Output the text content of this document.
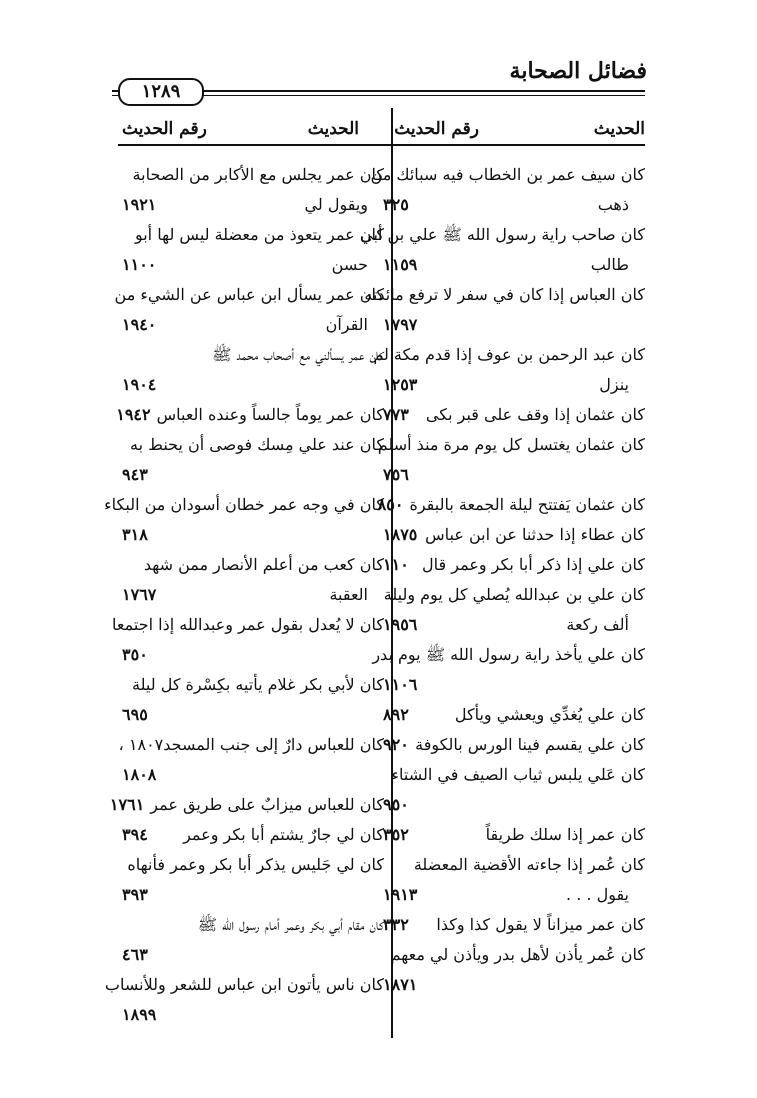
فضائل الصحابة
١٢٨٩
الحديث
رقم الحديث
الحديث
رقم الحديث
كان سيف عمر بن الخطاب فيه سبائك من
ذهب
٣٢٥
كان صاحب راية رسول الله ﷺ علي بن أبي
طالب
١١٥٩
كان العباس إذا كان في سفر لا ترفع مائدته
١٧٩٧
كان عبد الرحمن بن عوف إذا قدم مكة لم
ينزل
١٢٥٣
كان عثمان إذا وقف على قبر بكى
٧٧٣
كان عثمان يغتسل كل يوم مرة منذ أسلم
٧٥٦
كان عثمان يَفتتح ليلة الجمعة بالبقرة
٨٥٠
كان عطاء إذا حدثنا عن ابن عباس
١٨٧٥
كان علي إذا ذكر أبا بكر وعمر قال
١١٠
كان علي بن عبدالله يُصلي كل يوم وليلة
ألف ركعة
١٩٥٦
كان علي يأخذ راية رسول الله ﷺ يوم بدر
١١٠٦
كان علي يُغدِّي ويعشي ويأكل
٨٩٢
كان علي يقسم فينا الورس بالكوفة
٩٢٠
كان عَلي يلبس ثياب الصيف في الشتاء
٩٥٠
كان عمر إذا سلك طريقاً
٣٥٢
كان عُمر إذا جاءته الأقضية المعضلة
يقول . . .
١٩١٣
كان عمر ميزاناً لا يقول كذا وكذا
٣٣٢
كان عُمر يأذن لأهل بدر ويأذن لي معهم
١٨٧١
كان عمر يجلس مع الأكابر من الصحابة
ويقول لي
١٩٢١
كان عمر يتعوذ من معضلة ليس لها أبو
حسن
١١٠٠
كان عمر يسأل ابن عباس عن الشيء من
القرآن
١٩٤٠
كان عمر يسألني مع أصحاب محمد ﷺ
١٩٠٤
كان عمر يوماً جالساً وعنده العباس
١٩٤٢
كان عند علي مِسك فوصى أن يحنط به
٩٤٣
كان في وجه عمر خطان أسودان من البكاء
٣١٨
كان كعب من أعلم الأنصار ممن شهد
العقبة
١٧٦٧
كان لا يُعدل بقول عمر وعبدالله إذا اجتمعا
٣٥٠
كان لأبي بكر غلام يأتيه بكِسْرة كل ليلة
٦٩٥
كان للعباس دارٌ إلى جنب المسجد١٨٠٧ ،
١٨٠٨
كان للعباس ميزابٌ على طريق عمر
١٧٦١
كان لي جارٌ يشتم أبا بكر وعمر
٣٩٤
كان لي جَليس يذكر أبا بكر وعمر فأنهاه
٣٩٣
كان مقام أبي بكر وعمر أمام رسول الله ﷺ
٤٦٣
كان ناس يأتون ابن عباس للشعر وللأنساب
١٨٩٩
